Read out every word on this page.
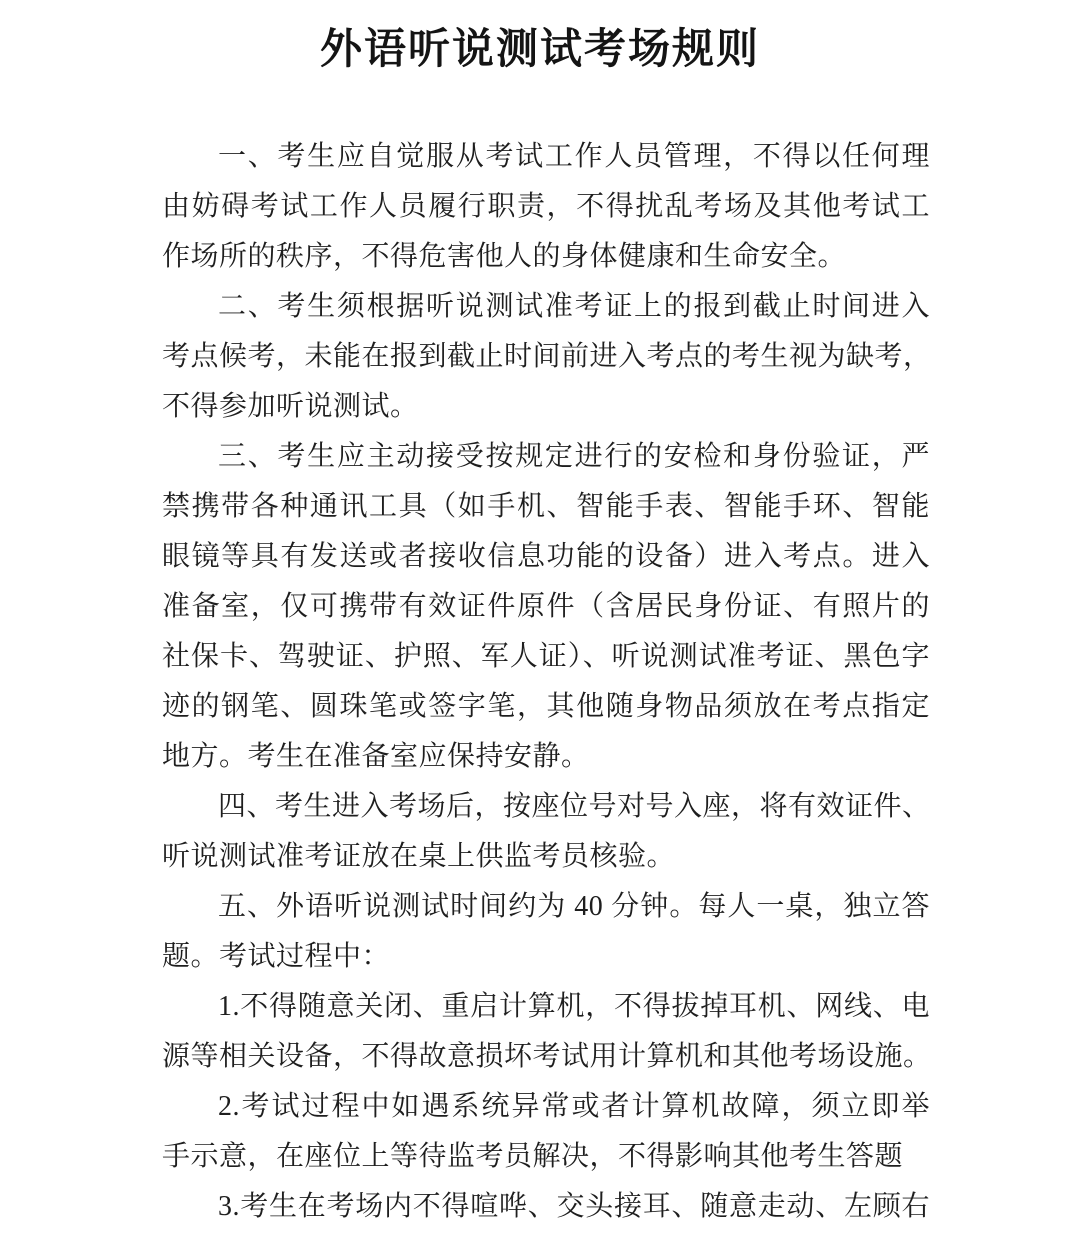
外语听说测试考场规则
一、考生应自觉服从考试工作人员管理，不得以任何理
由妨碍考试工作人员履行职责，不得扰乱考场及其他考试工
作场所的秩序，不得危害他人的身体健康和生命安全。
二、考生须根据听说测试准考证上的报到截止时间进入
考点候考，未能在报到截止时间前进入考点的考生视为缺考，
不得参加听说测试。
三、考生应主动接受按规定进行的安检和身份验证，严
禁携带各种通讯工具（如手机、智能手表、智能手环、智能
眼镜等具有发送或者接收信息功能的设备）进入考点。进入
准备室，仅可携带有效证件原件（含居民身份证、有照片的
社保卡、驾驶证、护照、军人证）、听说测试准考证、黑色字
迹的钢笔、圆珠笔或签字笔，其他随身物品须放在考点指定
地方。考生在准备室应保持安静。
四、考生进入考场后，按座位号对号入座，将有效证件、
听说测试准考证放在桌上供监考员核验。
五、外语听说测试时间约为 40 分钟。每人一桌，独立答
题。考试过程中：
1.不得随意关闭、重启计算机，不得拔掉耳机、网线、电
源等相关设备，不得故意损坏考试用计算机和其他考场设施。
2.考试过程中如遇系统异常或者计算机故障，须立即举
手示意，在座位上等待监考员解决，不得影响其他考生答题
3.考生在考场内不得喧哗、交头接耳、随意走动、左顾右
